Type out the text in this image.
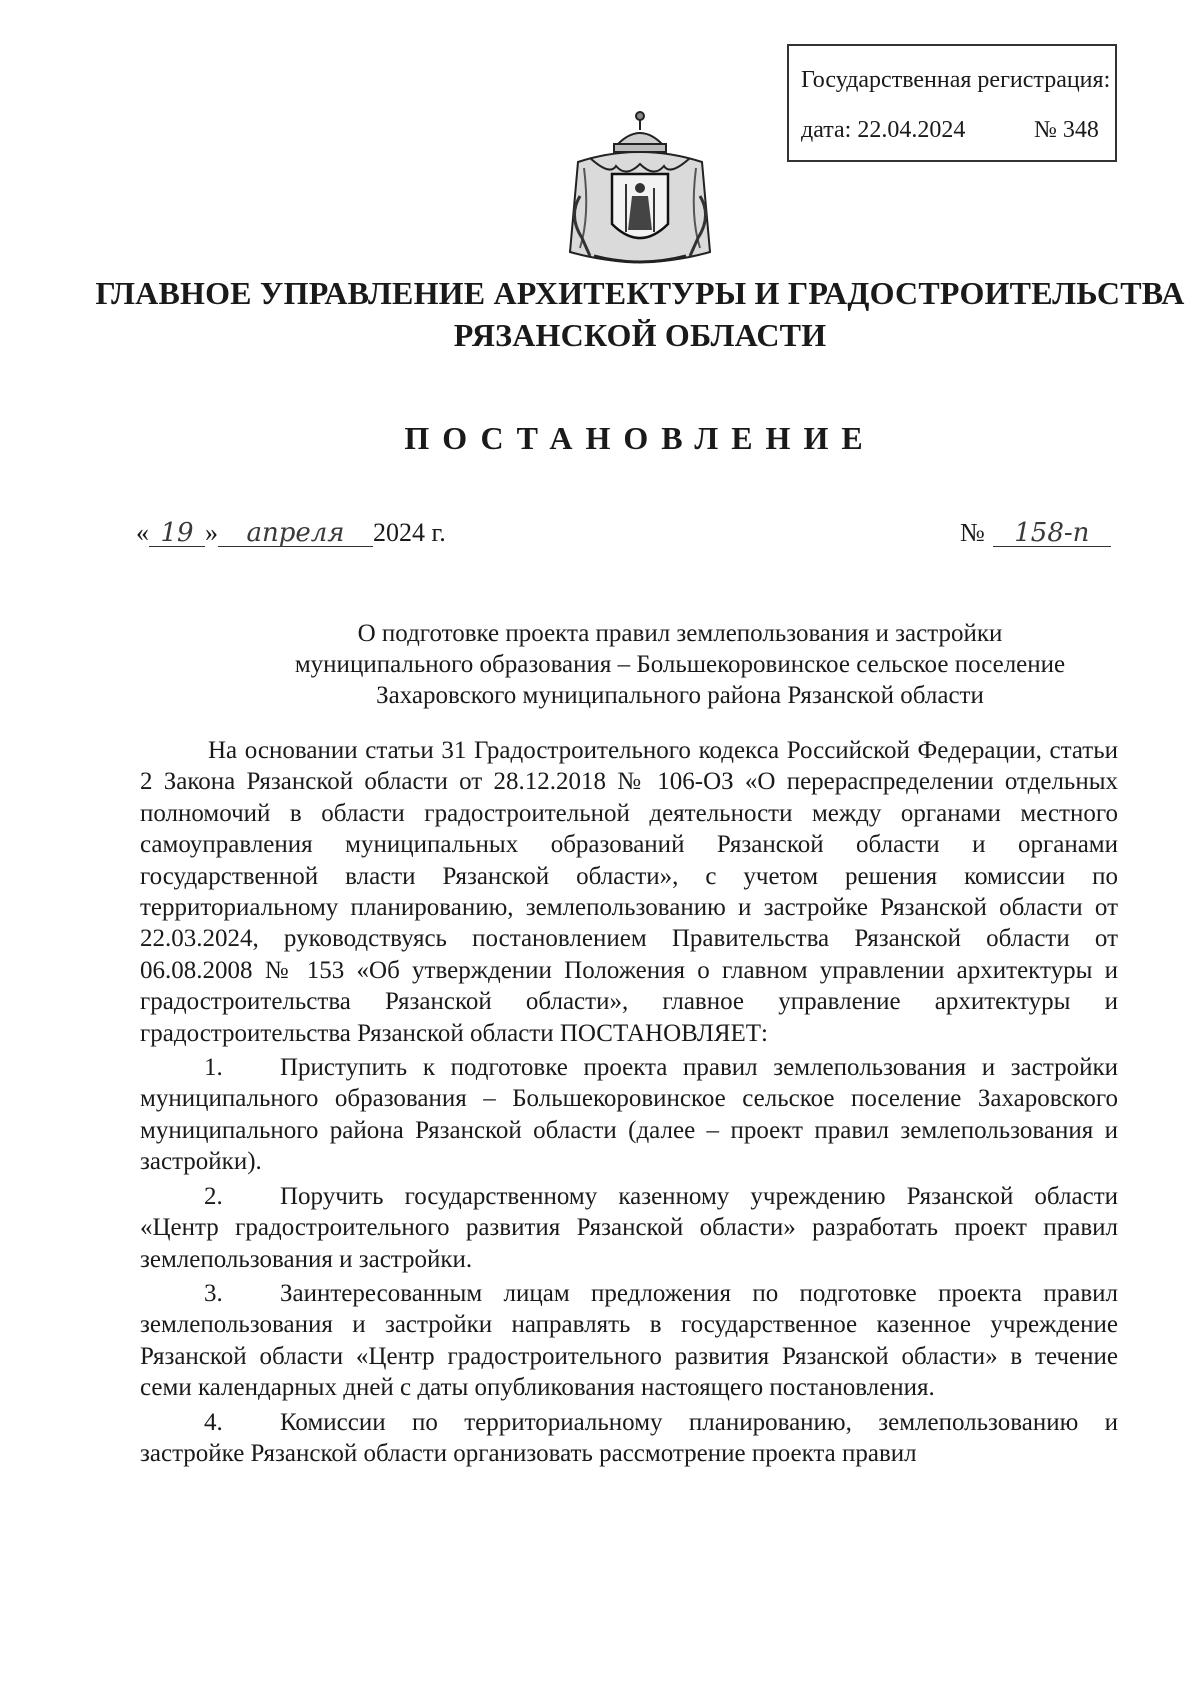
Государственная регистрация:
дата: 22.04.2024	№ 348
ГЛАВНОЕ УПРАВЛЕНИЕ АРХИТЕКТУРЫ И ГРАДОСТРОИТЕЛЬСТВА
РЯЗАНСКОЙ ОБЛАСТИ
ПОСТАНОВЛЕНИЕ
« 19 » апреля 2024 г.	№ 158-п
О подготовке проекта правил землепользования и застройки
муниципального образования – Большекоровинское сельское поселение
Захаровского муниципального района Рязанской области

На основании статьи 31 Градостроительного кодекса Российской Федерации, статьи 2 Закона Рязанской области от 28.12.2018 № 106-ОЗ «О перераспределении отдельных полномочий в области градостроительной деятельности между органами местного самоуправления муниципальных образований Рязанской области и органами государственной власти Рязанской области», с учетом решения комиссии по территориальному планированию, землепользованию и застройке Рязанской области от 22.03.2024, руководствуясь постановлением Правительства Рязанской области от 06.08.2008 № 153 «Об утверждении Положения о главном управлении архитектуры и градостроительства Рязанской области», главное управление архитектуры и градостроительства Рязанской области ПОСТАНОВЛЯЕТ:

1. Приступить к подготовке проекта правил землепользования и застройки муниципального образования – Большекоровинское сельское поселение Захаровского муниципального района Рязанской области (далее – проект правил землепользования и застройки).

2. Поручить государственному казенному учреждению Рязанской области «Центр градостроительного развития Рязанской области» разработать проект правил землепользования и застройки.

3. Заинтересованным лицам предложения по подготовке проекта правил землепользования и застройки направлять в государственное казенное учреждение Рязанской области «Центр градостроительного развития Рязанской области» в течение семи календарных дней с даты опубликования настоящего постановления.

4. Комиссии по территориальному планированию, землепользованию и застройке Рязанской области организовать рассмотрение проекта правил
